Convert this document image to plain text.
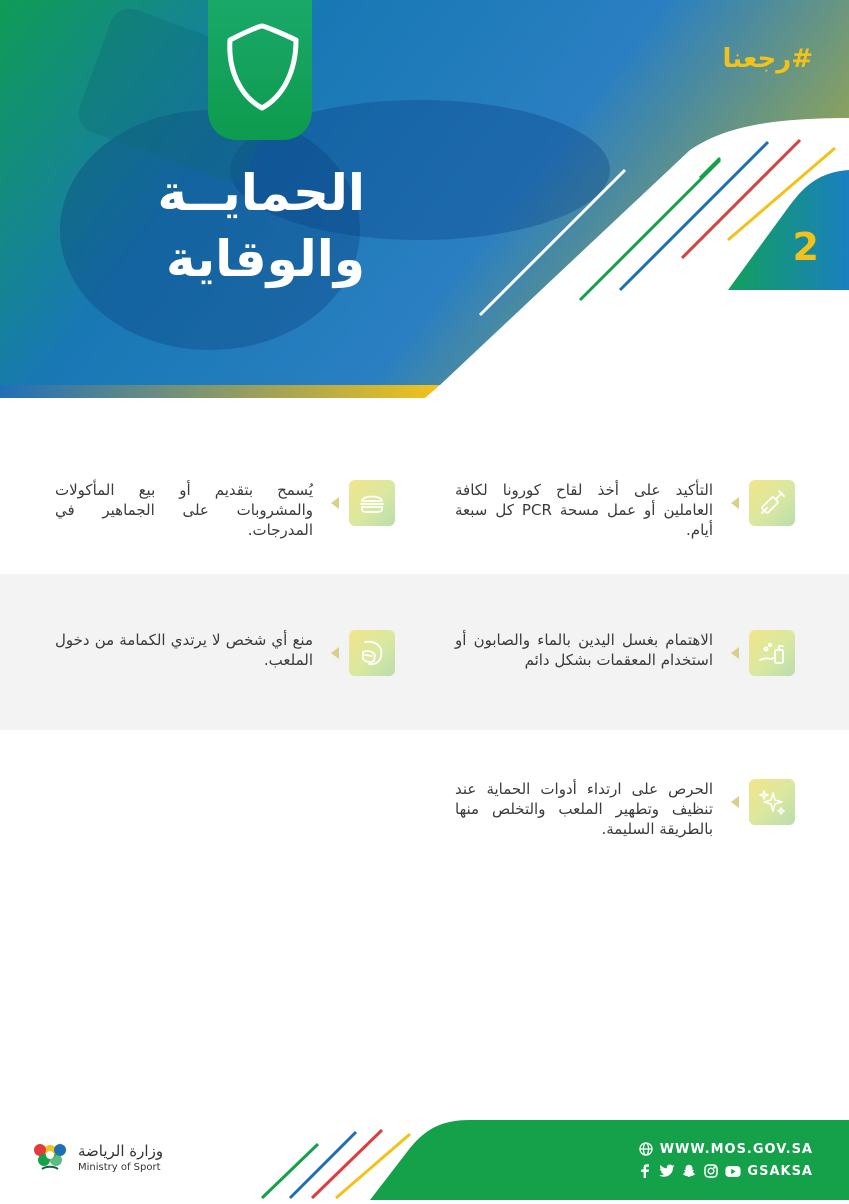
#رجعنا
الحمايــة
والوقاية	2
التأكيد على أخذ لقاح كورونا لكافة العاملين أو عمل مسحة PCR كل سبعة أيام.
يُسمح بتقديم أو بيع المأكولات والمشروبات على الجماهير في المدرجات.
الاهتمام بغسل اليدين بالماء والصابون أو استخدام المعقمات بشكل دائم
منع أي شخص لا يرتدي الكمامة من دخول الملعب.
الحرص على ارتداء أدوات الحماية عند تنظيف وتطهير الملعب والتخلص منها بالطريقة السليمة.
وزارة الرياضة
Ministry of Sport
WWW.MOS.GOV.SA
GSAKSA
